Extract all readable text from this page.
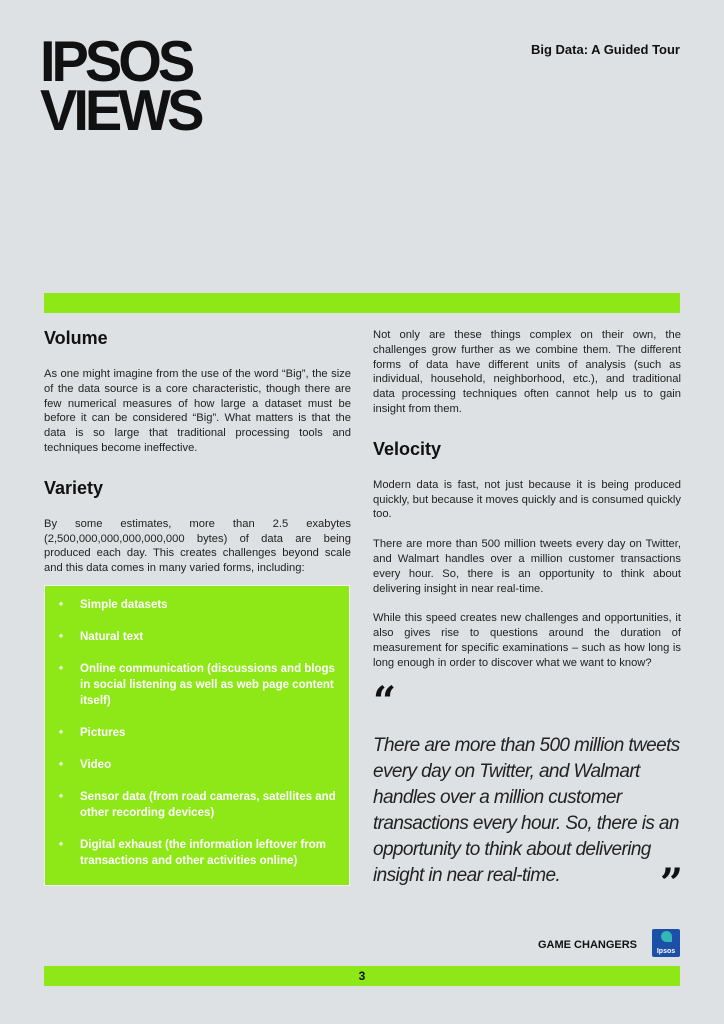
IPSOS
VIEWS
Big Data: A Guided Tour
Volume

As one might imagine from the use of the word “Big”, the size of the data source is a core characteristic, though there are few numerical measures of how large a dataset must be before it can be considered “Big”. What matters is that the data is so large that traditional processing tools and techniques become ineffective.

Variety

By some estimates, more than 2.5 exabytes (2,500,000,000,000,000,000 bytes) of data are being produced each day. This creates challenges beyond scale and this data comes in many varied forms, including:

• Simple datasets
• Natural text
• Online communication (discussions and blogs in social listening as well as web page content itself)
• Pictures
• Video
• Sensor data (from road cameras, satellites and other recording devices)
• Digital exhaust (the information leftover from transactions and other activities online)

Not only are these things complex on their own, the challenges grow further as we combine them. The different forms of data have different units of analysis (such as individual, household, neighborhood, etc.), and traditional data processing techniques often cannot help us to gain insight from them.

Velocity

Modern data is fast, not just because it is being produced quickly, but because it moves quickly and is consumed quickly too.

There are more than 500 million tweets every day on Twitter, and Walmart handles over a million customer transactions every hour. So, there is an opportunity to think about delivering insight in near real-time.

While this speed creates new challenges and opportunities, it also gives rise to questions around the duration of measurement for specific examinations – such as how long is long enough in order to discover what we want to know?

“
There are more than 500 million tweets every day on Twitter, and Walmart handles over a million customer transactions every hour. So, there is an opportunity to think about delivering insight in near real-time.	”
GAME CHANGERS
Ipsos
3
